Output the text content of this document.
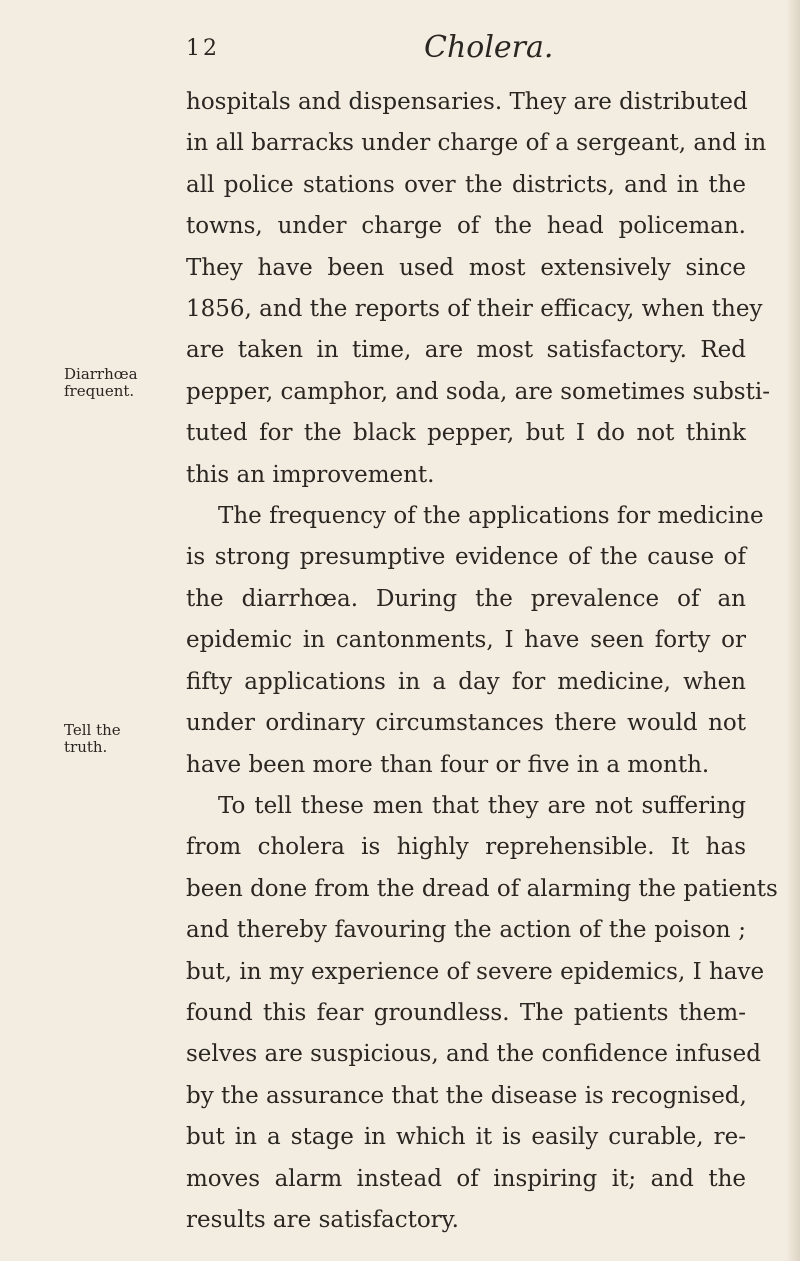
12	Cholera.
Diarrhœa
frequent.
Tell the
truth.
hospitals and dispensaries. They are distributed
in all barracks under charge of a sergeant, and in
all police stations over the districts, and in the
towns, under charge of the head policeman.
They have been used most extensively since
1856, and the reports of their efficacy, when they
are taken in time, are most satisfactory. Red
pepper, camphor, and soda, are sometimes substi-
tuted for the black pepper, but I do not think
this an improvement.
The frequency of the applications for medicine
is strong presumptive evidence of the cause of
the diarrhœa. During the prevalence of an
epidemic in cantonments, I have seen forty or
fifty applications in a day for medicine, when
under ordinary circumstances there would not
have been more than four or five in a month.
To tell these men that they are not suffering
from cholera is highly reprehensible. It has
been done from the dread of alarming the patients
and thereby favouring the action of the poison ;
but, in my experience of severe epidemics, I have
found this fear groundless. The patients them-
selves are suspicious, and the confidence infused
by the assurance that the disease is recognised,
but in a stage in which it is easily curable, re-
moves alarm instead of inspiring it; and the
results are satisfactory.
